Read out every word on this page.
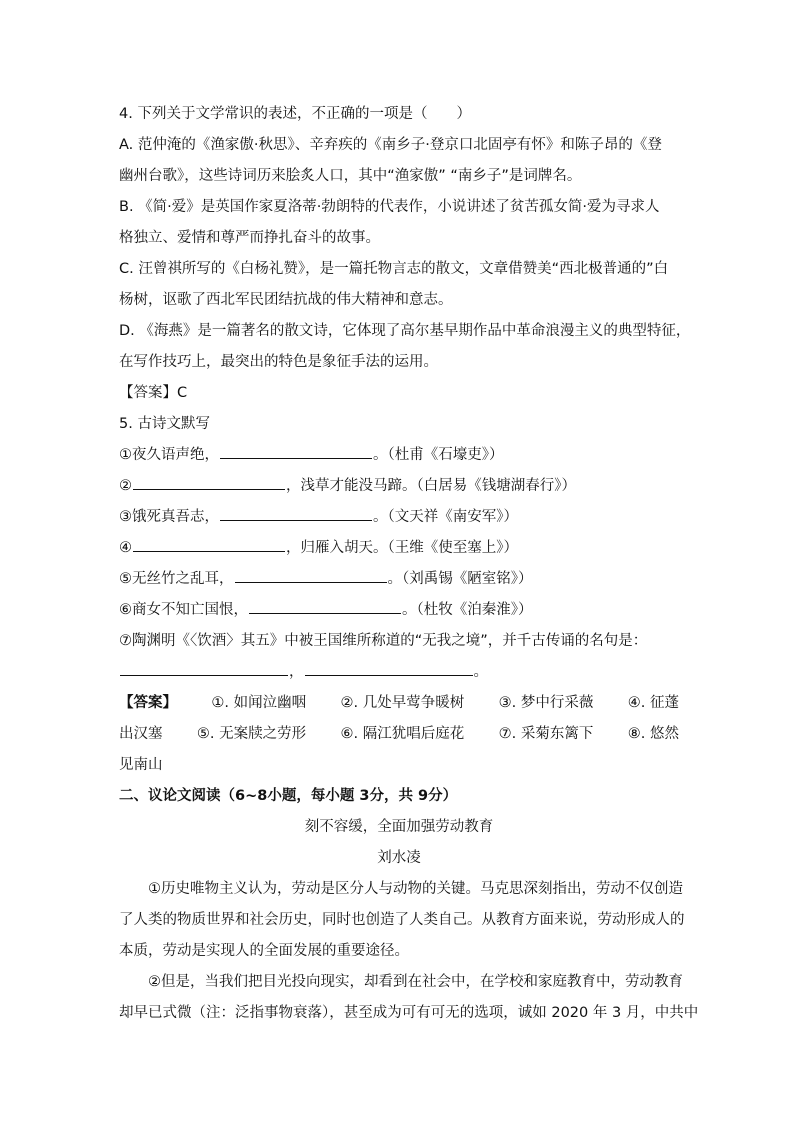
4. 下列关于文学常识的表述，不正确的一项是（　　）
A. 范仲淹的《渔家傲·秋思》、辛弃疾的《南乡子·登京口北固亭有怀》和陈子昂的《登
幽州台歌》，这些诗词历来脍炙人口，其中“渔家傲” “南乡子”是词牌名。
B. 《简·爱》是英国作家夏洛蒂·勃朗特的代表作，小说讲述了贫苦孤女简·爱为寻求人
格独立、爱情和尊严而挣扎奋斗的故事。
C. 汪曾祺所写的《白杨礼赞》，是一篇托物言志的散文，文章借赞美“西北极普通的”白
杨树，讴歌了西北军民团结抗战的伟大精神和意志。
D. 《海燕》是一篇著名的散文诗，它体现了高尔基早期作品中革命浪漫主义的典型特征，
在写作技巧上，最突出的特色是象征手法的运用。
【答案】C
5. 古诗文默写
①夜久语声绝，	。（杜甫《石壕吏》）
②	，浅草才能没马蹄。（白居易《钱塘湖春行》）
③饿死真吾志，	。（文天祥《南安军》）
④	，归雁入胡天。（王维《使至塞上》）
⑤无丝竹之乱耳，	。（刘禹锡《陋室铭》）
⑥商女不知亡国恨，	。（杜牧《泊秦淮》）
⑦陶渊明《〈饮酒〉其五》中被王国维所称道的“无我之境”，并千古传诵的名句是：
，	。
【答案】 ①. 如闻泣幽咽 ②. 几处早莺争暖树 ③. 梦中行采薇 ④. 征蓬
出汉塞 ⑤. 无案牍之劳形 ⑥. 隔江犹唱后庭花 ⑦. 采菊东篱下 ⑧. 悠然
见南山
二、议论文阅读（6~8小题，每小题 3分，共 9分）
刻不容缓，全面加强劳动教育
刘水凌
①历史唯物主义认为，劳动是区分人与动物的关键。马克思深刻指出，劳动不仅创造
了人类的物质世界和社会历史，同时也创造了人类自己。从教育方面来说，劳动形成人的
本质，劳动是实现人的全面发展的重要途径。
②但是，当我们把目光投向现实，却看到在社会中，在学校和家庭教育中，劳动教育
却早已式微（注：泛指事物衰落），甚至成为可有可无的选项，诚如 2020 年 3 月，中共中
